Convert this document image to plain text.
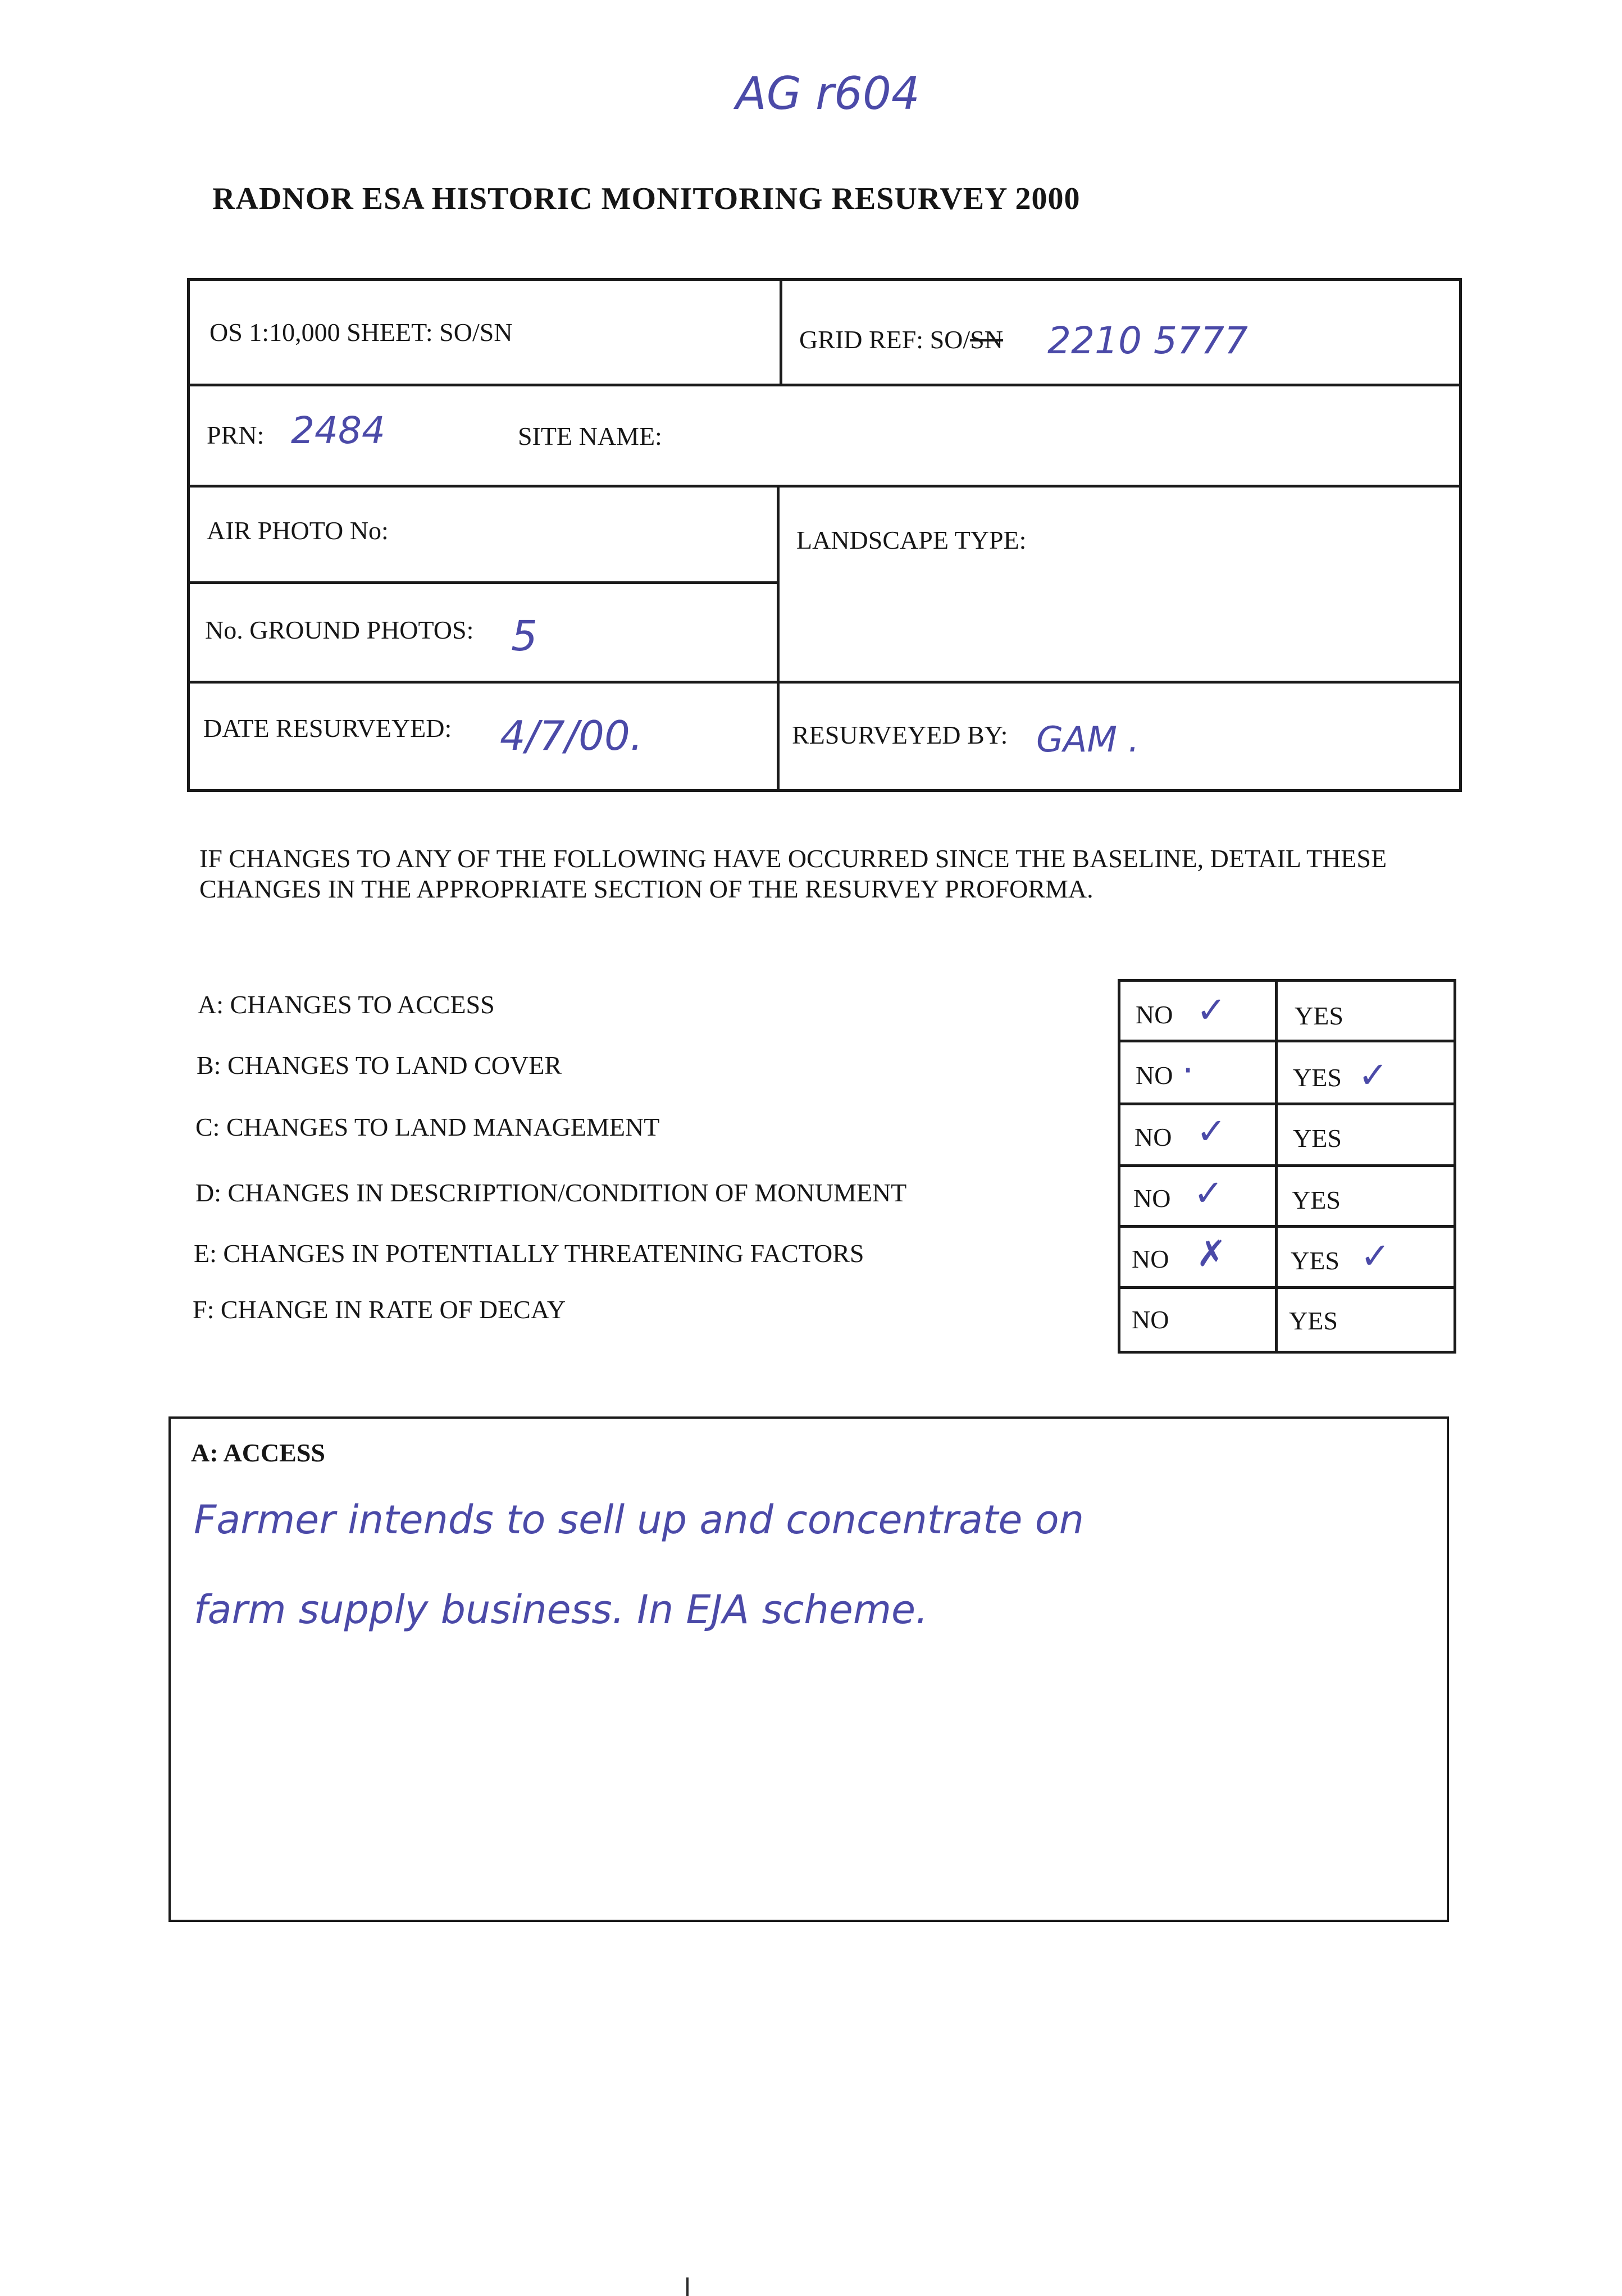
AG r604
RADNOR ESA HISTORIC MONITORING RESURVEY 2000
OS 1:10,000 SHEET: SO/SN	GRID REF: SO/SN 2210 5777
PRN: 2484	SITE NAME:
AIR PHOTO No:	LANDSCAPE TYPE:
No. GROUND PHOTOS: 5
DATE RESURVEYED: 4/7/00.	RESURVEYED BY: GAM .
IF CHANGES TO ANY OF THE FOLLOWING HAVE OCCURRED SINCE THE BASELINE, DETAIL THESE CHANGES IN THE APPROPRIATE SECTION OF THE RESURVEY PROFORMA.
A: CHANGES TO ACCESS
B: CHANGES TO LAND COVER
C: CHANGES TO LAND MANAGEMENT
D: CHANGES IN DESCRIPTION/CONDITION OF MONUMENT
E: CHANGES IN POTENTIALLY THREATENING FACTORS
F: CHANGE IN RATE OF DECAY
NO ✓	YES
NO ·	YES ✓
NO ✓	YES
NO ✓	YES
NO ✗ YES ✓
NO	YES
A: ACCESS
Farmer intends to sell up and concentrate on
farm supply business. In EJA scheme.
